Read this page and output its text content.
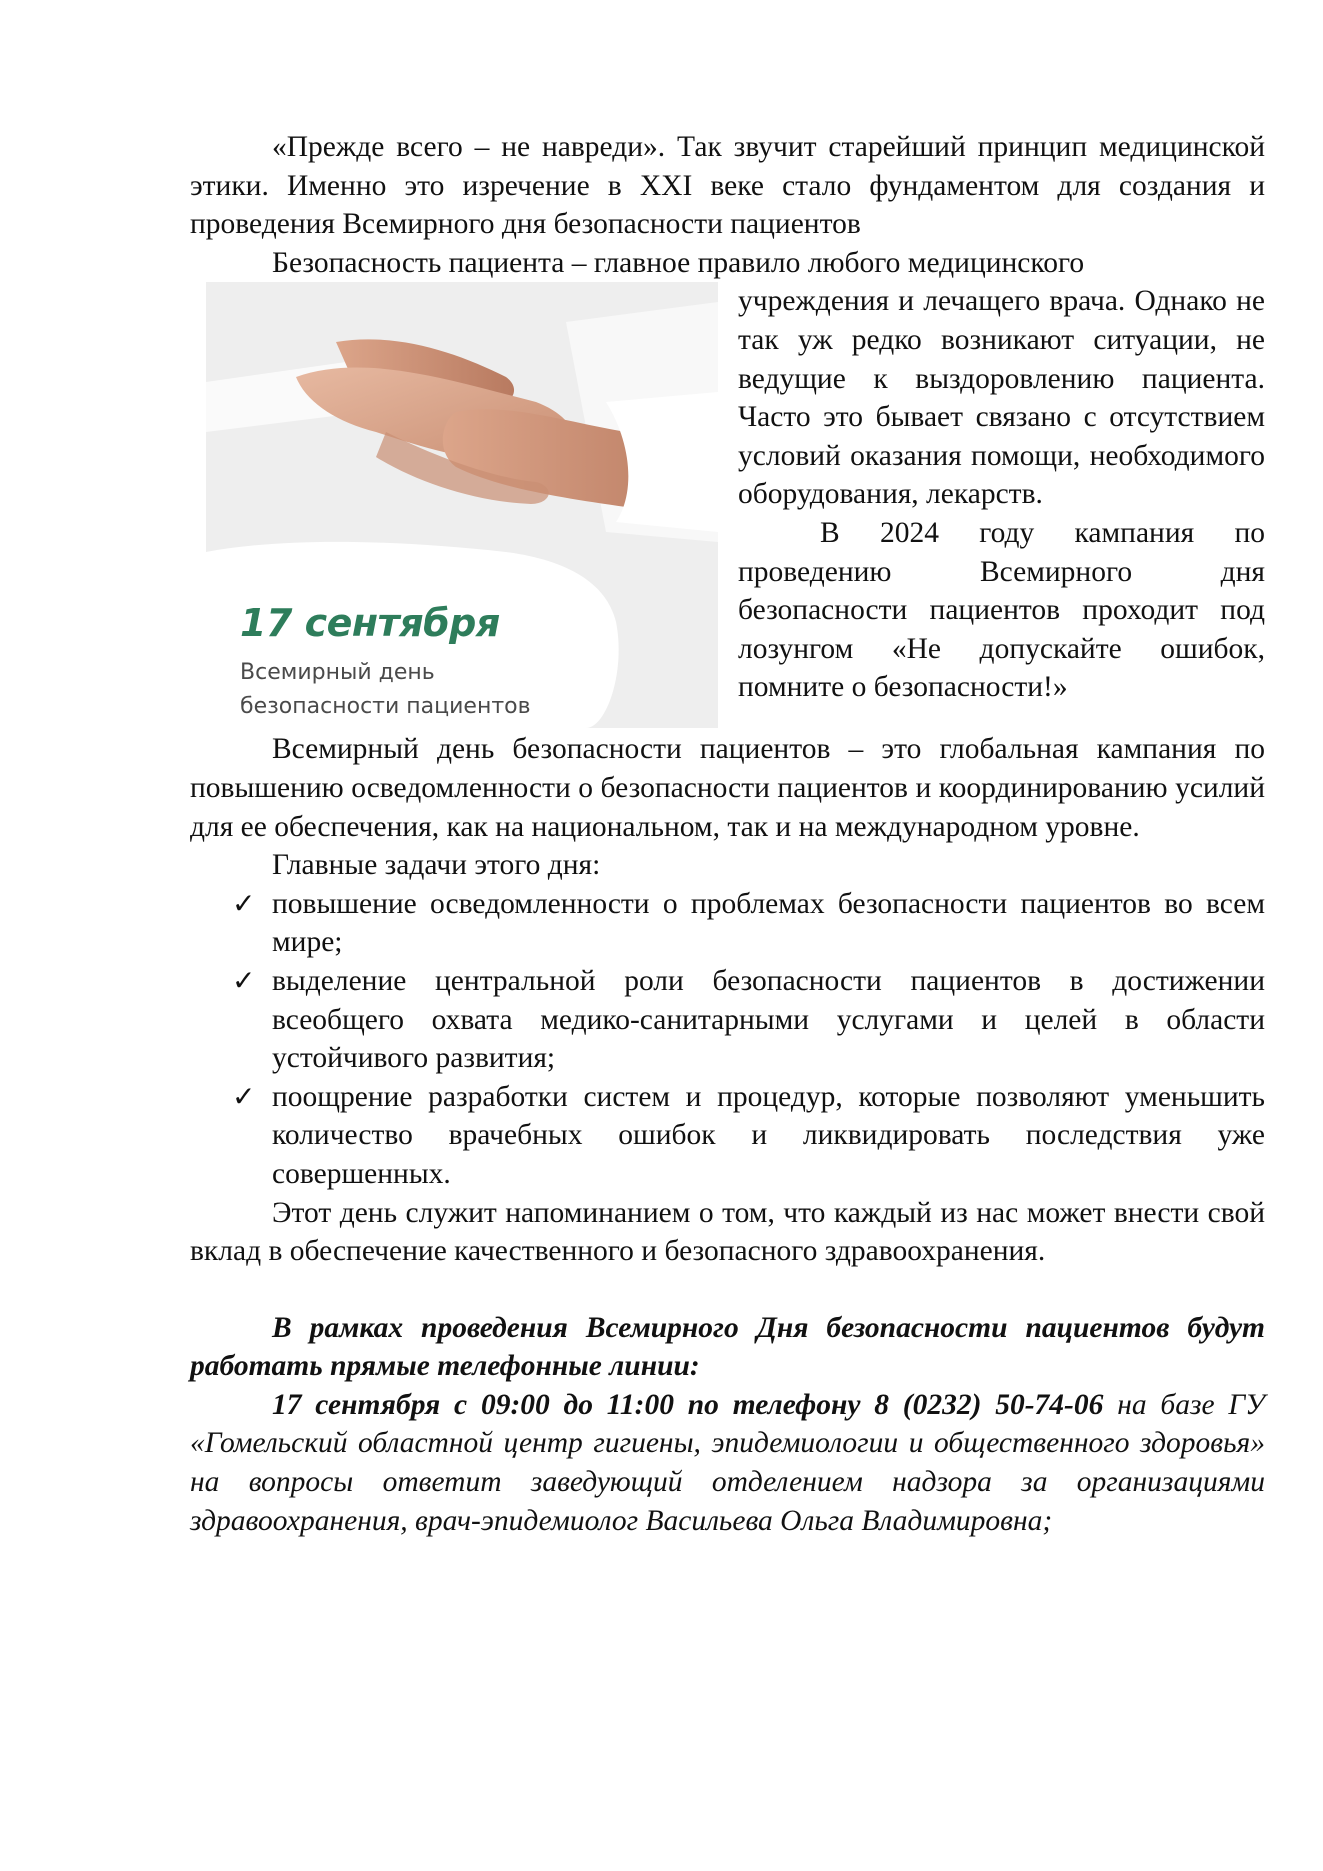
«Прежде всего – не навреди». Так звучит старейший принцип медицинской этики. Именно это изречение в XXI веке стало фундаментом для создания и проведения Всемирного дня безопасности пациентов

Безопасность пациента – главное правило любого медицинского

17 сентября
Всемирный день
безопасности пациентов

учреждения и лечащего врача. Однако не так уж редко возникают ситуации, не ведущие к выздоровлению пациента. Часто это бывает связано с отсутствием условий оказания помощи, необходимого оборудования, лекарств.

В 2024 году кампания по проведению Всемирного дня безопасности пациентов проходит под лозунгом «Не допускайте ошибок, помните о безопасности!»

Всемирный день безопасности пациентов – это глобальная кампания по повышению осведомленности о безопасности пациентов и координированию усилий для ее обеспечения, как на национальном, так и на международном уровне.

Главные задачи этого дня:

✓ повышение осведомленности о проблемах безопасности пациентов во всем мире;
✓ выделение центральной роли безопасности пациентов в достижении всеобщего охвата медико-санитарными услугами и целей в области устойчивого развития;
✓ поощрение разработки систем и процедур, которые позволяют уменьшить количество врачебных ошибок и ликвидировать последствия уже совершенных.

Этот день служит напоминанием о том, что каждый из нас может внести свой вклад в обеспечение качественного и безопасного здравоохранения.

В рамках проведения Всемирного Дня безопасности пациентов будут работать прямые телефонные линии:

17 сентября с 09:00 до 11:00 по телефону 8 (0232) 50-74-06 на базе ГУ «Гомельский областной центр гигиены, эпидемиологии и общественного здоровья» на вопросы ответит заведующий отделением надзора за организациями здравоохранения, врач-эпидемиолог Васильева Ольга Владимировна;
